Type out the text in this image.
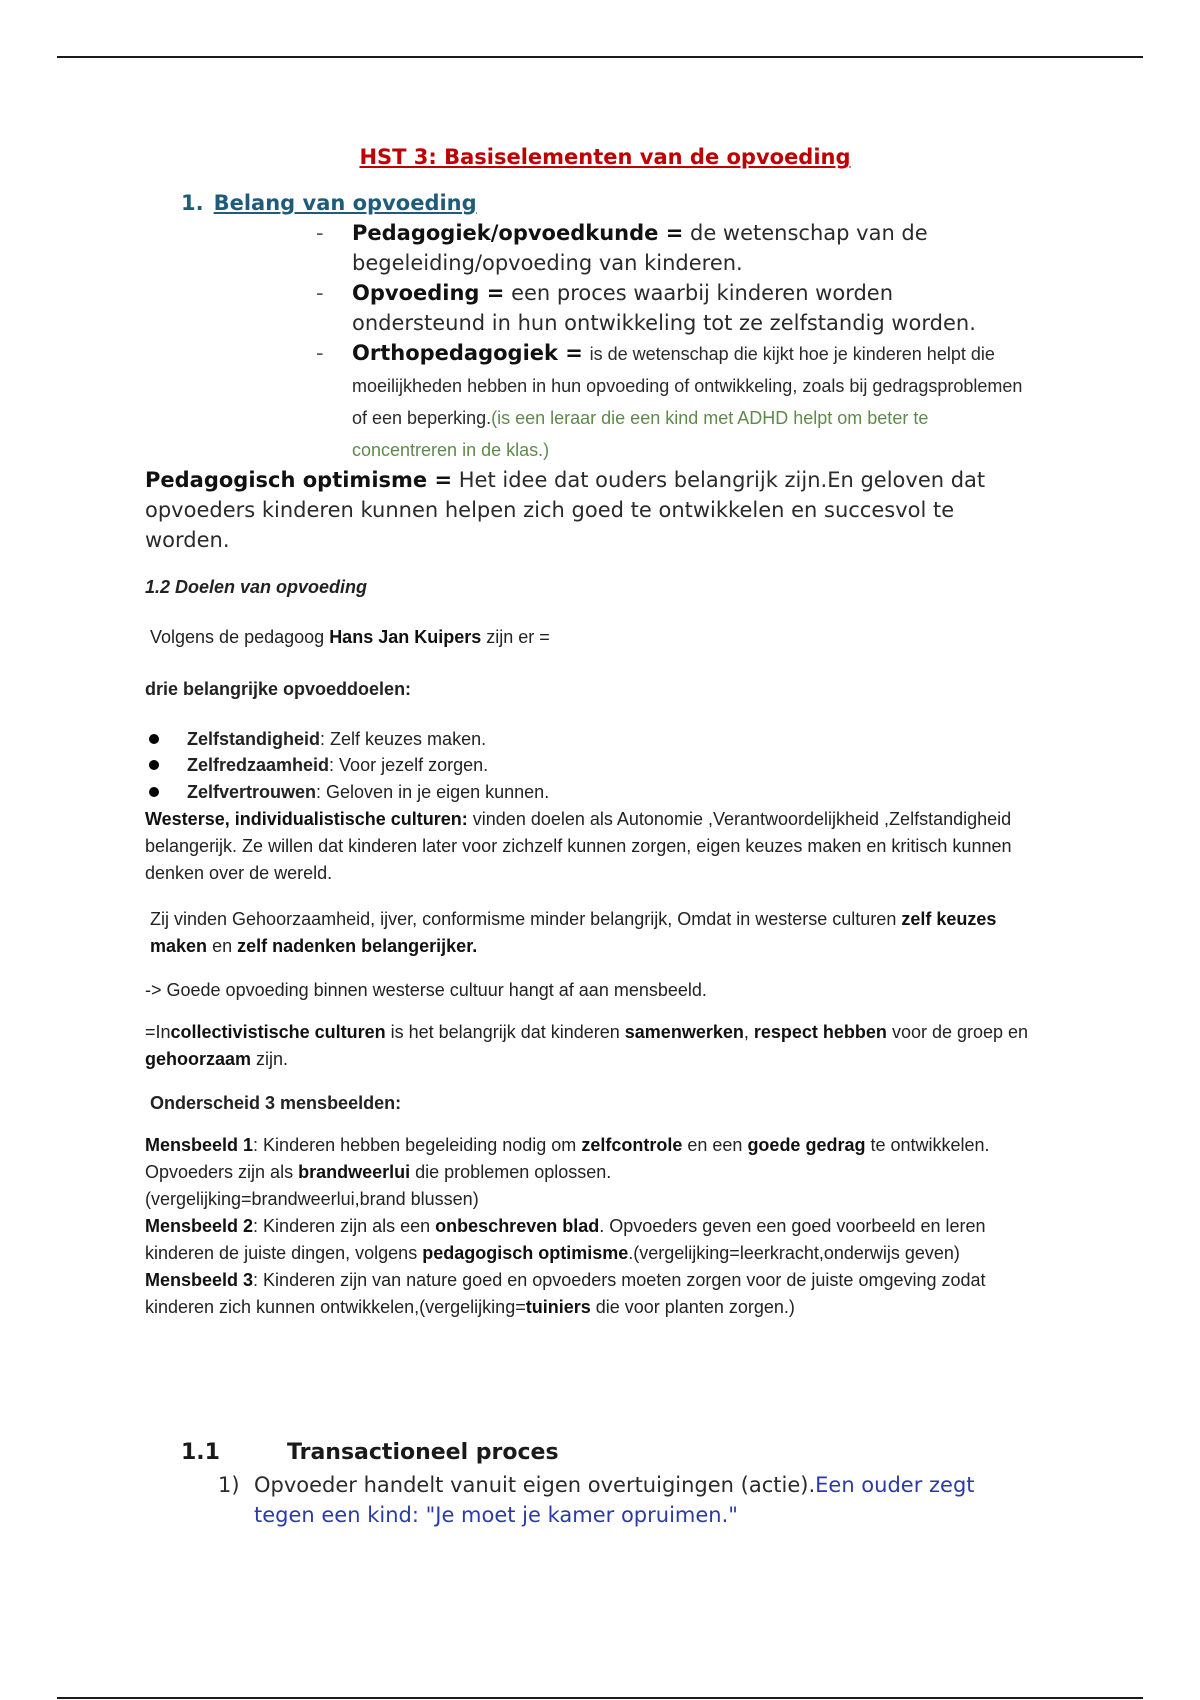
HST 3: Basiselementen van de opvoeding
1. Belang van opvoeding
- Pedagogiek/opvoedkunde = de wetenschap van de begeleiding/opvoeding van kinderen.
- Opvoeding = een proces waarbij kinderen worden ondersteund in hun ontwikkeling tot ze zelfstandig worden.
- Orthopedagogiek = is de wetenschap die kijkt hoe je kinderen helpt die moeilijkheden hebben in hun opvoeding of ontwikkeling, zoals bij gedragsproblemen of een beperking.(is een leraar die een kind met ADHD helpt om beter te concentreren in de klas.)
Pedagogisch optimisme = Het idee dat ouders belangrijk zijn.En geloven dat opvoeders kinderen kunnen helpen zich goed te ontwikkelen en succesvol te worden.
1.2 Doelen van opvoeding
Volgens de pedagoog Hans Jan Kuipers zijn er =
drie belangrijke opvoeddoelen:
Zelfstandigheid: Zelf keuzes maken.
Zelfredzaamheid: Voor jezelf zorgen.
Zelfvertrouwen: Geloven in je eigen kunnen.
Westerse, individualistische culturen: vinden doelen als Autonomie ,Verantwoordelijkheid ,Zelfstandigheid belangerijk. Ze willen dat kinderen later voor zichzelf kunnen zorgen, eigen keuzes maken en kritisch kunnen denken over de wereld.
Zij vinden Gehoorzaamheid, ijver, conformisme minder belangrijk, Omdat in westerse culturen zelf keuzes maken en zelf nadenken belangerijker.
-> Goede opvoeding binnen westerse cultuur hangt af aan mensbeeld.
=Incollectivistische culturen is het belangrijk dat kinderen samenwerken, respect hebben voor de groep en gehoorzaam zijn.
Onderscheid 3 mensbeelden:
Mensbeeld 1: Kinderen hebben begeleiding nodig om zelfcontrole en een goede gedrag te ontwikkelen. Opvoeders zijn als brandweerlui die problemen oplossen.
(vergelijking=brandweerlui,brand blussen)
Mensbeeld 2: Kinderen zijn als een onbeschreven blad. Opvoeders geven een goed voorbeeld en leren kinderen de juiste dingen, volgens pedagogisch optimisme.(vergelijking=leerkracht,onderwijs geven)
Mensbeeld 3: Kinderen zijn van nature goed en opvoeders moeten zorgen voor de juiste omgeving zodat kinderen zich kunnen ontwikkelen,(vergelijking=tuiniers die voor planten zorgen.)
1.1	Transactioneel proces
1) Opvoeder handelt vanuit eigen overtuigingen (actie).Een ouder zegt tegen een kind: "Je moet je kamer opruimen."
